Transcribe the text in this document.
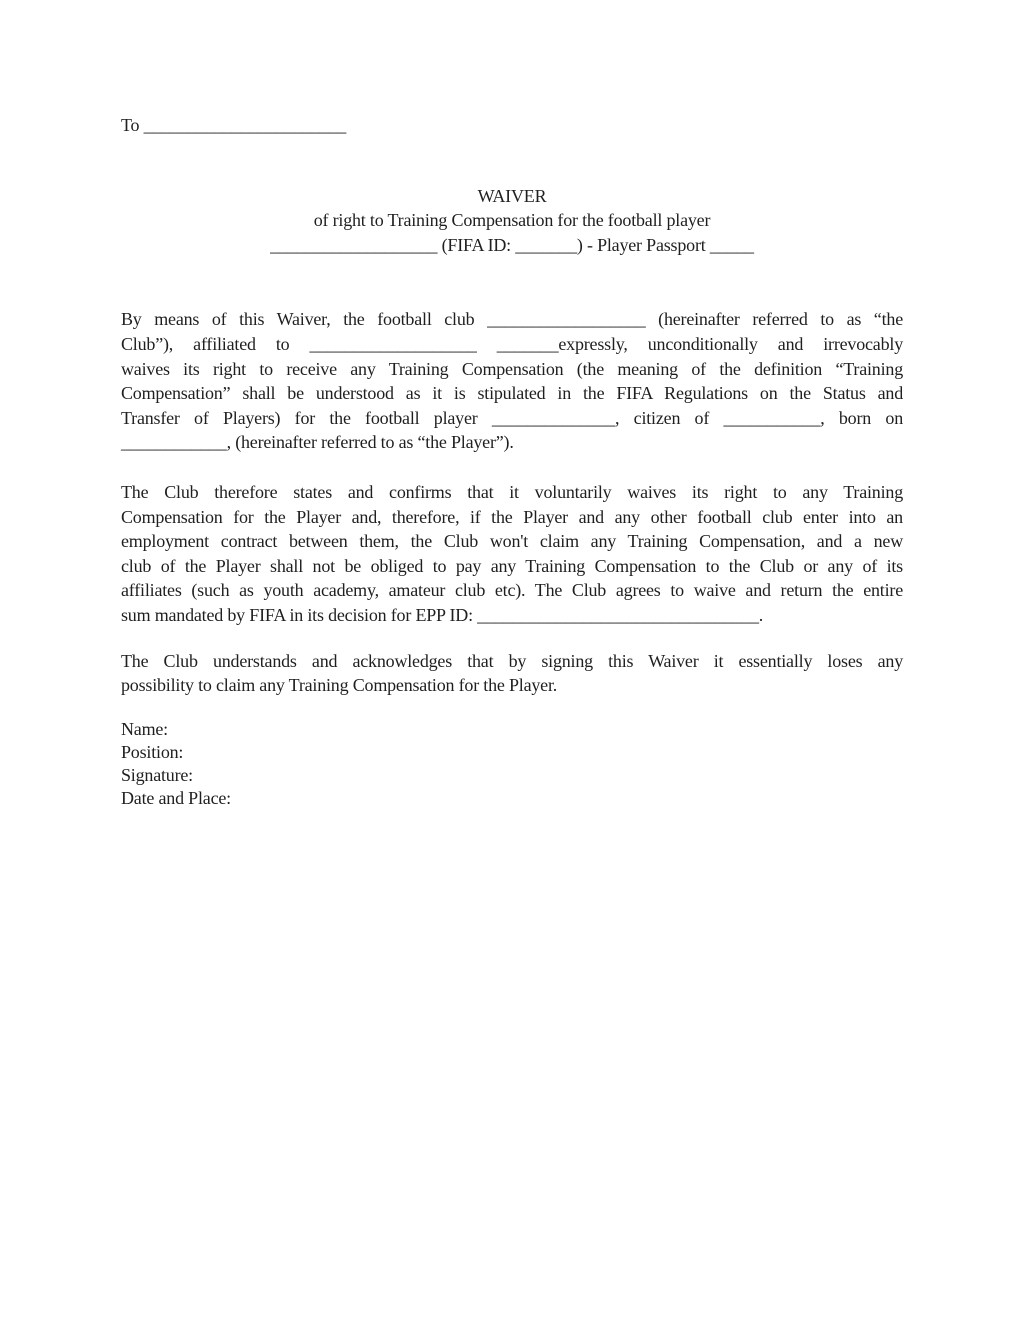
To _______________________
WAIVER
of right to Training Compensation for the football player
___________________ (FIFA ID: _______) - Player Passport _____
By means of this Waiver, the football club __________________ (hereinafter referred to as “the
Club”), affiliated to ___________________ _______expressly, unconditionally and irrevocably
waives its right to receive any Training Compensation (the meaning of the definition “Training
Compensation” shall be understood as it is stipulated in the FIFA Regulations on the Status and
Transfer of Players) for the football player ______________, citizen of ___________, born on
____________, (hereinafter referred to as “the Player”).
The Club therefore states and confirms that it voluntarily waives its right to any Training
Compensation for the Player and, therefore, if the Player and any other football club enter into an
employment contract between them, the Club won't claim any Training Compensation, and a new
club of the Player shall not be obliged to pay any Training Compensation to the Club or any of its
affiliates (such as youth academy, amateur club etc). The Club agrees to waive and return the entire
sum mandated by FIFA in its decision for EPP ID: ________________________________.
The Club understands and acknowledges that by signing this Waiver it essentially loses any
possibility to claim any Training Compensation for the Player.
Name:
Position:
Signature:
Date and Place:
